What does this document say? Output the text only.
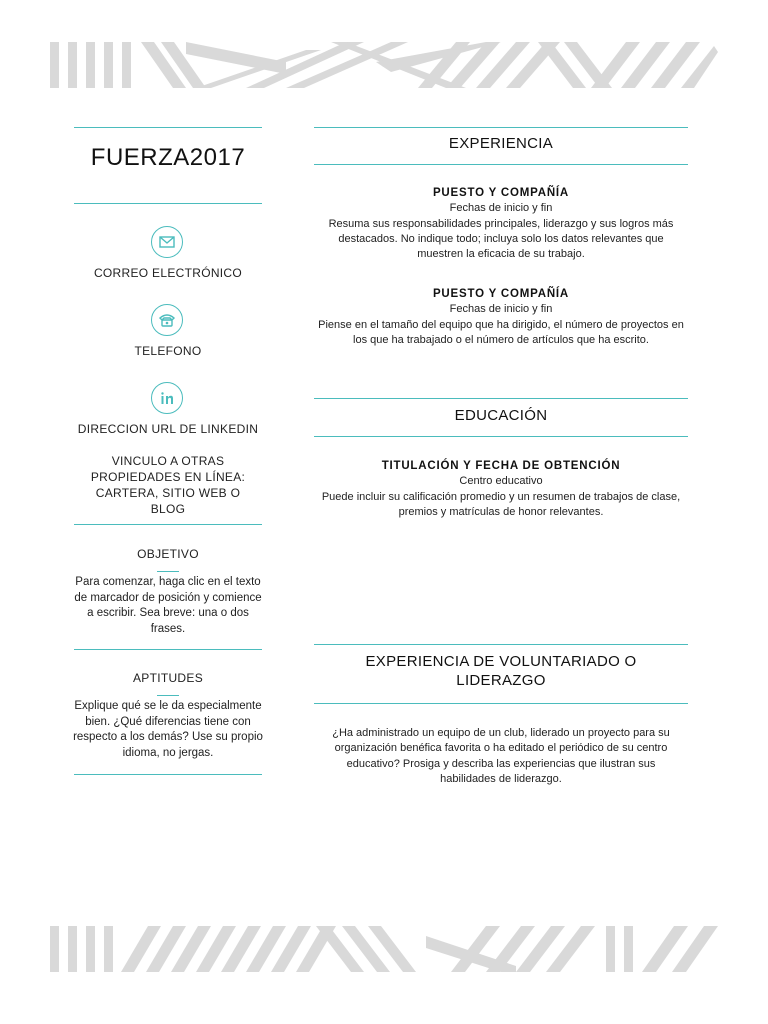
FUERZA2017
CORREO ELECTRÓNICO
TELEFONO
DIRECCION URL DE LINKEDIN
VINCULO A OTRAS PROPIEDADES EN LÍNEA: CARTERA, SITIO WEB O BLOG
OBJETIVO
Para comenzar, haga clic en el texto de marcador de posición y comience a escribir. Sea breve: una o dos frases.
APTITUDES
Explique qué se le da especialmente bien. ¿Qué diferencias tiene con respecto a los demás? Use su propio idioma, no jergas.
EXPERIENCIA
PUESTO Y COMPAÑÍA
Fechas de inicio y fin
Resuma sus responsabilidades principales, liderazgo y sus logros más destacados. No indique todo; incluya solo los datos relevantes que muestren la eficacia de su trabajo.
PUESTO Y COMPAÑÍA
Fechas de inicio y fin
Piense en el tamaño del equipo que ha dirigido, el número de proyectos en los que ha trabajado o el número de artículos que ha escrito.
EDUCACIÓN
TITULACIÓN Y FECHA DE OBTENCIÓN
Centro educativo
Puede incluir su calificación promedio y un resumen de trabajos de clase, premios y matrículas de honor relevantes.
EXPERIENCIA DE VOLUNTARIADO O LIDERAZGO
¿Ha administrado un equipo de un club, liderado un proyecto para su organización benéfica favorita o ha editado el periódico de su centro educativo? Prosiga y describa las experiencias que ilustran sus habilidades de liderazgo.
